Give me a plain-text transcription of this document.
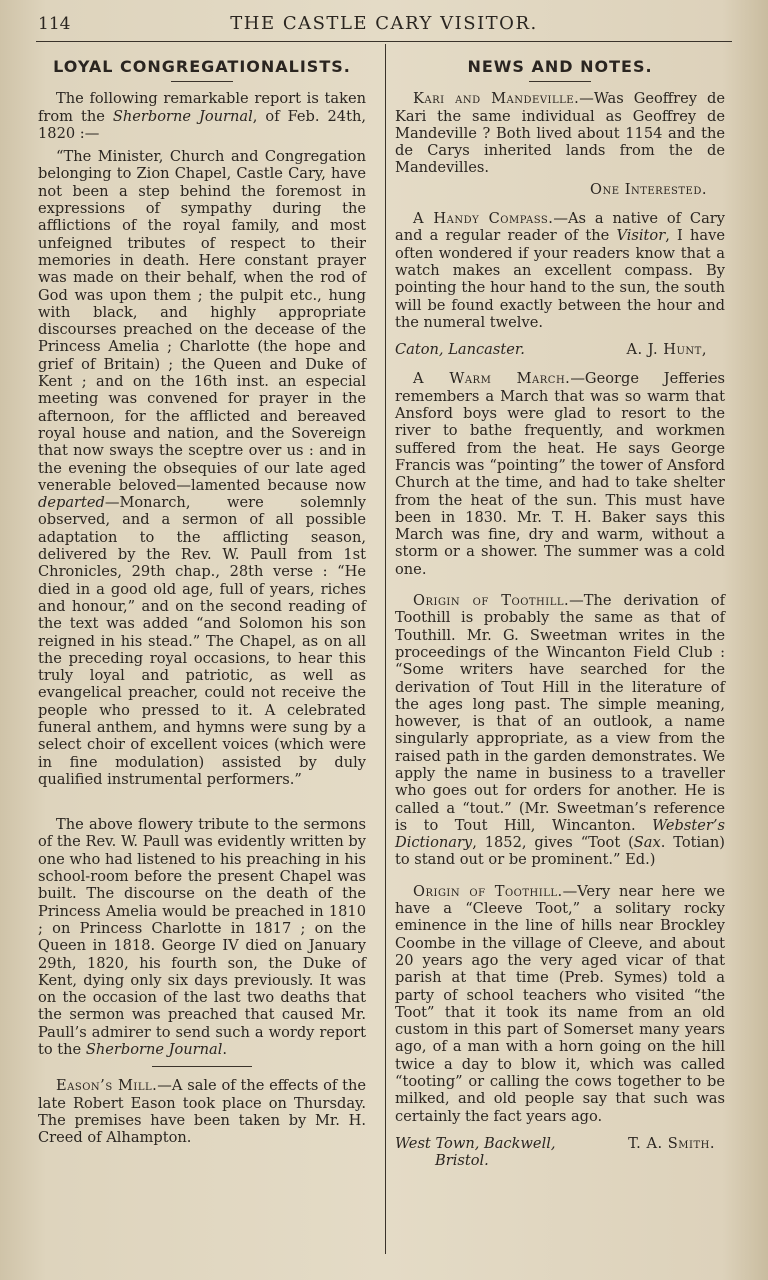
114	THE CASTLE CARY VISITOR.
LOYAL CONGREGATIONALISTS.

The following remarkable report is taken from the Sherborne Journal, of Feb. 24th, 1820 :—

“The Minister, Church and Congregation belonging to Zion Chapel, Castle Cary, have not been a step behind the foremost in expressions of sympathy during the afflictions of the royal family, and most unfeigned tributes of respect to their memories in death. Here constant prayer was made on their behalf, when the rod of God was upon them ; the pulpit etc., hung with black, and highly appropriate discourses preached on the decease of the Princess Amelia ; Charlotte (the hope and grief of Britain) ; the Queen and Duke of Kent ; and on the 16th inst. an especial meeting was convened for prayer in the afternoon, for the afflicted and bereaved royal house and nation, and the Sovereign that now sways the sceptre over us : and in the evening the obsequies of our late aged venerable beloved—lamented because now departed—Monarch, were solemnly observed, and a sermon of all possible adaptation to the afflicting season, delivered by the Rev. W. Paull from 1st Chronicles, 29th chap., 28th verse : “He died in a good old age, full of years, riches and honour,” and on the second reading of the text was added “and Solomon his son reigned in his stead.” The Chapel, as on all the preceding royal occasions, to hear this truly loyal and patriotic, as well as evangelical preacher, could not receive the people who pressed to it. A celebrated funeral anthem, and hymns were sung by a select choir of excellent voices (which were in fine modulation) assisted by duly qualified instrumental performers.”

The above flowery tribute to the sermons of the Rev. W. Paull was evidently written by one who had listened to his preaching in his school-room before the present Chapel was built. The discourse on the death of the Princess Amelia would be preached in 1810 ; on Princess Charlotte in 1817 ; on the Queen in 1818. George IV died on January 29th, 1820, his fourth son, the Duke of Kent, dying only six days previously. It was on the occasion of the last two deaths that the sermon was preached that caused Mr. Paull’s admirer to send such a wordy report to the Sherborne Journal.

Eason’s Mill.—A sale of the effects of the late Robert Eason took place on Thursday. The premises have been taken by Mr. H. Creed of Alhampton.

NEWS AND NOTES.

Kari and Mandeville.—Was Geoffrey de Kari the same individual as Geoffrey de Mandeville ? Both lived about 1154 and the de Carys inherited lands from the de Mandevilles.

One Interested.

A Handy Compass.—As a native of Cary and a regular reader of the Visitor, I have often wondered if your readers know that a watch makes an excellent compass. By pointing the hour hand to the sun, the south will be found exactly between the hour and the numeral twelve.

Caton, Lancaster.	A. J. Hunt,

A Warm March.—George Jefferies remembers a March that was so warm that Ansford boys were glad to resort to the river to bathe frequently, and workmen suffered from the heat. He says George Francis was “pointing” the tower of Ansford Church at the time, and had to take shelter from the heat of the sun. This must have been in 1830. Mr. T. H. Baker says this March was fine, dry and warm, without a storm or a shower. The summer was a cold one.

Origin of Toothill.—The derivation of Toothill is probably the same as that of Touthill. Mr. G. Sweetman writes in the proceedings of the Wincanton Field Club : “Some writers have searched for the derivation of Tout Hill in the literature of the ages long past. The simple meaning, however, is that of an outlook, a name singularly appropriate, as a view from the raised path in the garden demonstrates. We apply the name in business to a traveller who goes out for orders for another. He is called a “tout.” (Mr. Sweetman’s reference is to Tout Hill, Wincanton. Webster’s Dictionary, 1852, gives “Toot (Sax. Totian) to stand out or be prominent.” Ed.)

Origin of Toothill.—Very near here we have a “Cleeve Toot,” a solitary rocky eminence in the line of hills near Brockley Coombe in the village of Cleeve, and about 20 years ago the very aged vicar of that parish at that time (Preb. Symes) told a party of school teachers who visited “the Toot” that it took its name from an old custom in this part of Somerset many years ago, of a man with a horn going on the hill twice a day to blow it, which was called “tooting” or calling the cows together to be milked, and old people say that such was certainly the fact years ago.

West Town, Backwell,	T. A. Smith.
Bristol.
